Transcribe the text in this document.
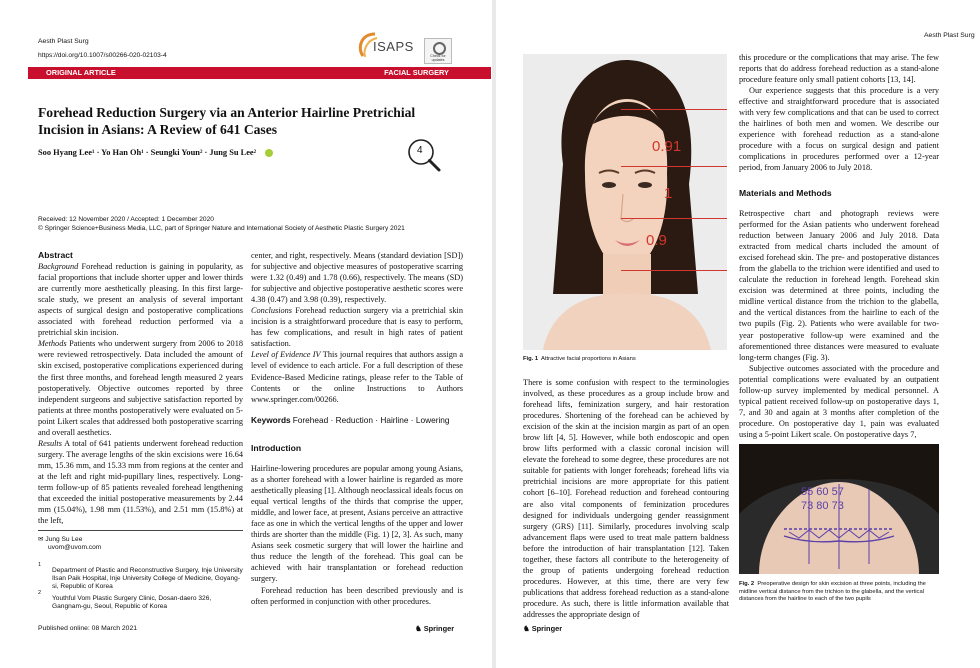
Aesth Plast Surg
https://doi.org/10.1007/s00266-020-02103-4
ISAPS
Check for updates
ORIGINAL ARTICLE	FACIAL SURGERY
Forehead Reduction Surgery via an Anterior Hairline Pretrichial
Incision in Asians: A Review of 641 Cases
Soo Hyang Lee¹ · Yo Han Oh¹ · Seungki Youn² · Jung Su Lee²	4
Received: 12 November 2020 / Accepted: 1 December 2020
© Springer Science+Business Media, LLC, part of Springer Nature and International Society of Aesthetic Plastic Surgery 2021
Abstract

Background Forehead reduction is gaining in popularity, as facial proportions that include shorter upper and lower thirds are currently more aesthetically pleasing. In this first large-scale study, we present an analysis of several important aspects of surgical design and postoperative complications associated with forehead reduction performed via a pretrichial skin incision.

Methods Patients who underwent surgery from 2006 to 2018 were reviewed retrospectively. Data included the amount of skin excised, postoperative complications experienced during the first three months, and forehead length measured 2 years postoperatively. Objective outcomes reported by three independent surgeons and subjective satisfaction reported by patients at three months postoperatively were evaluated on 5-point Likert scales that addressed both postoperative scarring and overall aesthetics.

Results A total of 641 patients underwent forehead reduction surgery. The average lengths of the skin excisions were 16.64 mm, 15.36 mm, and 15.33 mm from regions at the center and at the left and right mid-pupillary lines, respectively. Long-term follow-up of 85 patients revealed forehead lengthening that exceeded the initial postoperative measurements by 2.44 mm (15.04%), 1.98 mm (11.53%), and 2.51 mm (15.8%) at the left,

center, and right, respectively. Means (standard deviation [SD]) for subjective and objective measures of postoperative scarring were 1.32 (0.49) and 1.78 (0.66), respectively. The means (SD) for subjective and objective postoperative aesthetic scores were 4.38 (0.47) and 3.98 (0.39), respectively.

Conclusions Forehead reduction surgery via a pretrichial skin incision is a straightforward procedure that is easy to perform, has few complications, and result in high rates of patient satisfaction.

Level of Evidence IV This journal requires that authors assign a level of evidence to each article. For a full description of these Evidence-Based Medicine ratings, please refer to the Table of Contents or the online Instructions to Authors www.springer.com/00266.

Keywords Forehead · Reduction · Hairline · Lowering

Introduction

Hairline-lowering procedures are popular among young Asians, as a shorter forehead with a lower hairline is regarded as more aesthetically pleasing [1]. Although neoclassical ideals focus on equal vertical lengths of the thirds that comprise the upper, middle, and lower face, at present, Asians perceive an attractive face as one in which the vertical lengths of the upper and lower thirds are shorter than the middle (Fig. 1) [2, 3]. As such, many Asians seek cosmetic surgery that will lower the hairline and thus reduce the length of the forehead. This goal can be achieved with hair transplantation or forehead reduction surgery.

Forehead reduction has been described previously and is often performed in conjunction with other procedures.

✉ Jung Su Lee
uvom@uvom.com
$^1$
Department of Plastic and Reconstructive Surgery, Inje University Ilsan Paik Hospital, Inje University College of Medicine, Goyang-si, Republic of Korea
$^2$
Youthful Vom Plastic Surgery Clinic, Dosan-daero 326, Gangnam-gu, Seoul, Republic of Korea
Published online: 08 March 2021	♞ Springer
Aesth Plast Surg
0.91
1
0.9
Fig. 1 Attractive facial proportions in Asians
There is some confusion with respect to the terminologies involved, as these procedures as a group include brow and forehead lifts, feminization surgery, and hair restoration procedures. Shortening of the forehead can be achieved by excision of the skin at the incision margin as part of an open brow lift [4, 5]. However, while both endoscopic and open brow lifts performed with a classic coronal incision will elevate the forehead to some degree, these procedures are not suitable for patients with longer foreheads; forehead lifts via pretrichial incisions are more appropriate for this patient cohort [6–10]. Forehead reduction and forehead contouring are also vital components of feminization procedures designed for individuals undergoing gender reassignment surgery (GRS) [11]. Similarly, procedures involving scalp advancement flaps were used to treat male pattern baldness before the introduction of hair transplantation [12]. Taken together, these factors all contribute to the heterogeneity of the group of patients undergoing forehead reduction procedures. However, at this time, there are very few publications that address forehead reduction as a stand-alone procedure. As such, there is little information available that addresses the appropriate design of

this procedure or the complications that may arise. The few reports that do address forehead reduction as a stand-alone procedure feature only small patient cohorts [13, 14].

Our experience suggests that this procedure is a very effective and straightforward procedure that is associated with very few complications and that can be used to correct the hairlines of both men and women. We describe our experience with forehead reduction as a stand-alone procedure with a focus on surgical design and patient complications in procedures performed over a 12-year period, from January 2006 to July 2018.

Materials and Methods

Retrospective chart and photograph reviews were performed for the Asian patients who underwent forehead reduction between January 2006 and July 2018. Data extracted from medical charts included the amount of excised forehead skin. The pre- and postoperative distances from the glabella to the trichion were identified and used to calculate the reduction in forehead length. Forehead skin excision was determined at three points, including the midline vertical distance from the trichion to the glabella, and the vertical distances from the hairline to each of the two pupils (Fig. 2). Patients who were available for two-year postoperative follow-up were examined and the aforementioned three distances were measured to evaluate long-term changes (Fig. 3).

Subjective outcomes associated with the procedure and potential complications were evaluated by an outpatient follow-up survey implemented by medical personnel. A typical patient received follow-up on postoperative days 1, 7, and 30 and again at 3 months after completion of the procedure. On postoperative day 1, pain was evaluated using a 5-point Likert scale. On postoperative days 7,

55 60 57
73 80 73
Fig. 2 Preoperative design for skin excision at three points, including the midline vertical distance from the trichion to the glabella, and the vertical distances from the hairline to each of the two pupils
♞ Springer
